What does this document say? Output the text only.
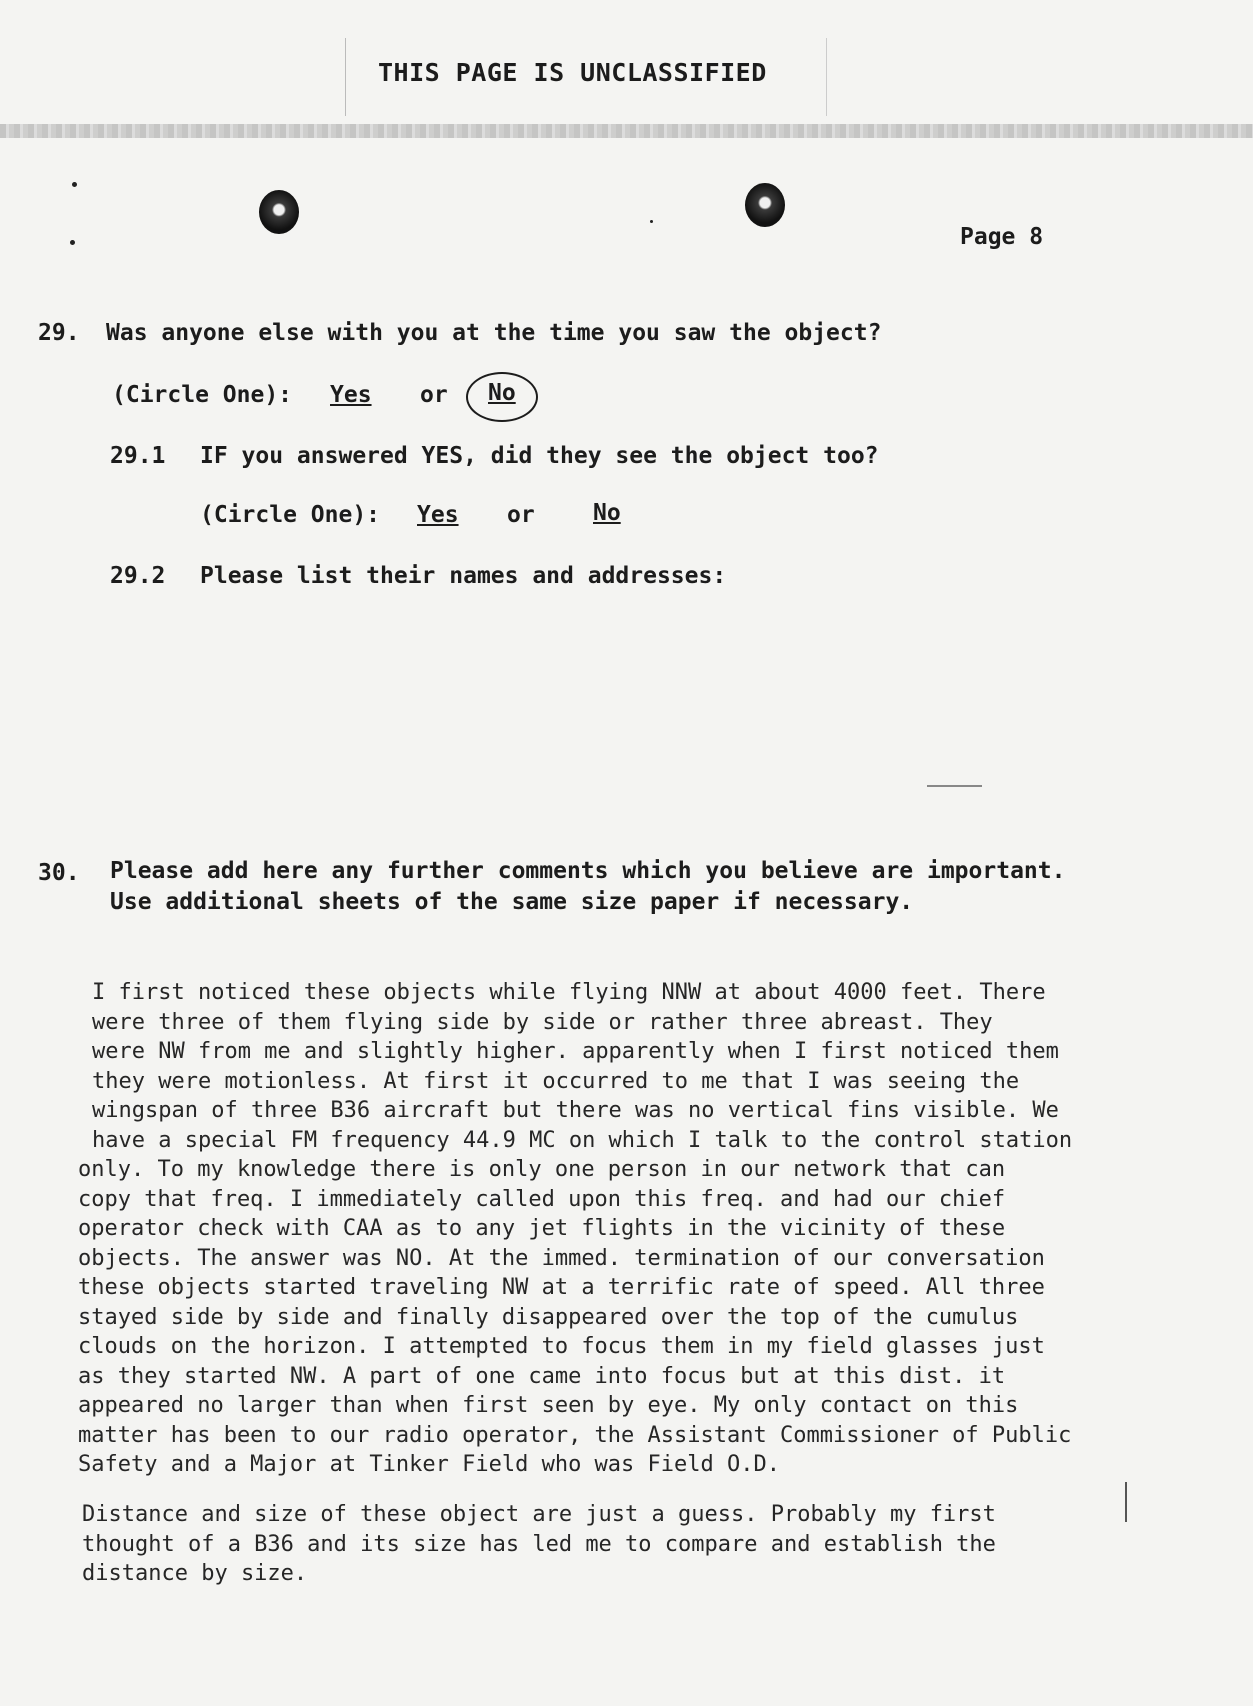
THIS PAGE IS UNCLASSIFIED
Page 8
29. Was anyone else with you at the time you saw the object?
(Circle One): Yes or No
29.1 IF you answered YES, did they see the object too?
(Circle One): Yes or	No
29.2 Please list their names and addresses:
30. Please add here any further comments which you believe are important.
Use additional sheets of the same size paper if necessary.
I first noticed these objects while flying NNW at about 4000 feet. There
were three of them flying side by side or rather three abreast. They
were NW from me and slightly higher. apparently when I first noticed them
they were motionless. At first it occurred to me that I was seeing the
wingspan of three B36 aircraft but there was no vertical fins visible. We
have a special FM frequency 44.9 MC on which I talk to the control station
only. To my knowledge there is only one person in our network that can
copy that freq. I immediately called upon this freq. and had our chief
operator check with CAA as to any jet flights in the vicinity of these
objects. The answer was NO. At the immed. termination of our conversation
these objects started traveling NW at a terrific rate of speed. All three
stayed side by side and finally disappeared over the top of the cumulus
clouds on the horizon. I attempted to focus them in my field glasses just
as they started NW. A part of one came into focus but at this dist. it
appeared no larger than when first seen by eye. My only contact on this
matter has been to our radio operator, the Assistant Commissioner of Public
Safety and a Major at Tinker Field who was Field O.D.
Distance and size of these object are just a guess. Probably my first
thought of a B36 and its size has led me to compare and establish the
distance by size.
